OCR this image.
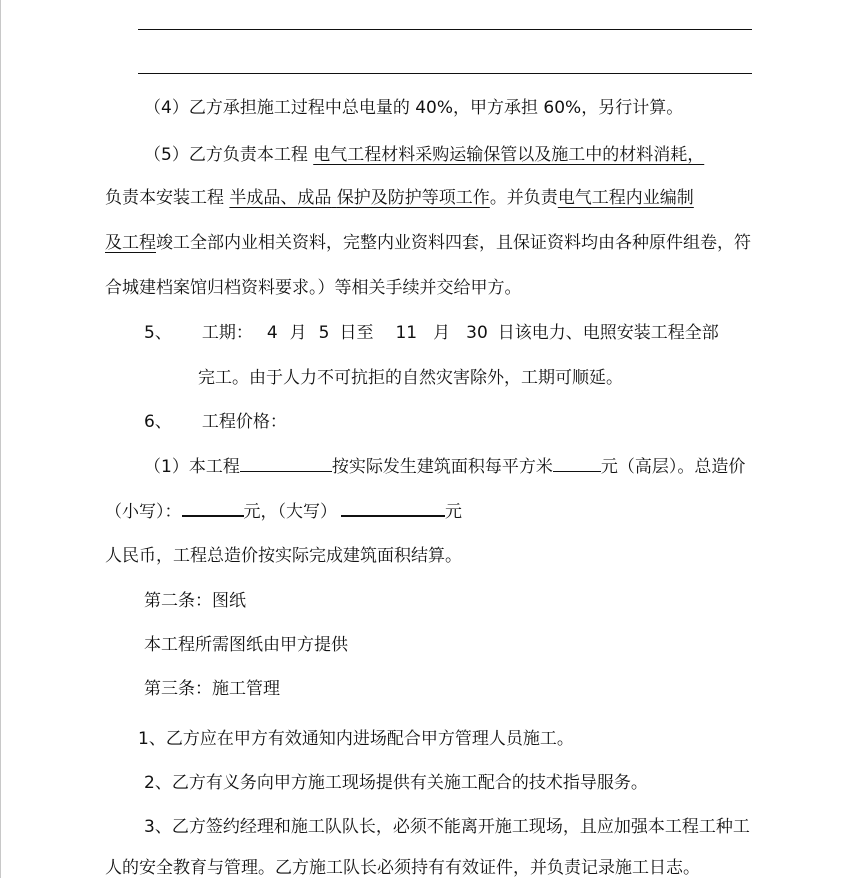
（4）乙方承担施工过程中总电量的 40%，甲方承担 60%，另行计算。
（5）乙方负责本工程 电气工程材料采购运输保管以及施工中的材料消耗，
负责本安装工程 半成品、成品 保护及防护等项工作。并负责电气工程内业编制
及工程竣工全部内业相关资料，完整内业资料四套，且保证资料均由各种原件组卷，符
合城建档案馆归档资料要求。）等相关手续并交给甲方。
5、 工期： 4 月 5 日至 11 月 30 日该电力、电照安装工程全部
完工。由于人力不可抗拒的自然灾害除外，工期可顺延。
6、 工程价格：
（1）本工程	按实际发生建筑面积每平方米	元（高层）。总造价
（小写）：	元，（大写）	元
人民币，工程总造价按实际完成建筑面积结算。
第二条：图纸
本工程所需图纸由甲方提供
第三条：施工管理
1、乙方应在甲方有效通知内进场配合甲方管理人员施工。
2、乙方有义务向甲方施工现场提供有关施工配合的技术指导服务。
3、乙方签约经理和施工队队长，必须不能离开施工现场，且应加强本工程工种工
人的安全教育与管理。乙方施工队长必须持有有效证件，并负责记录施工日志。
